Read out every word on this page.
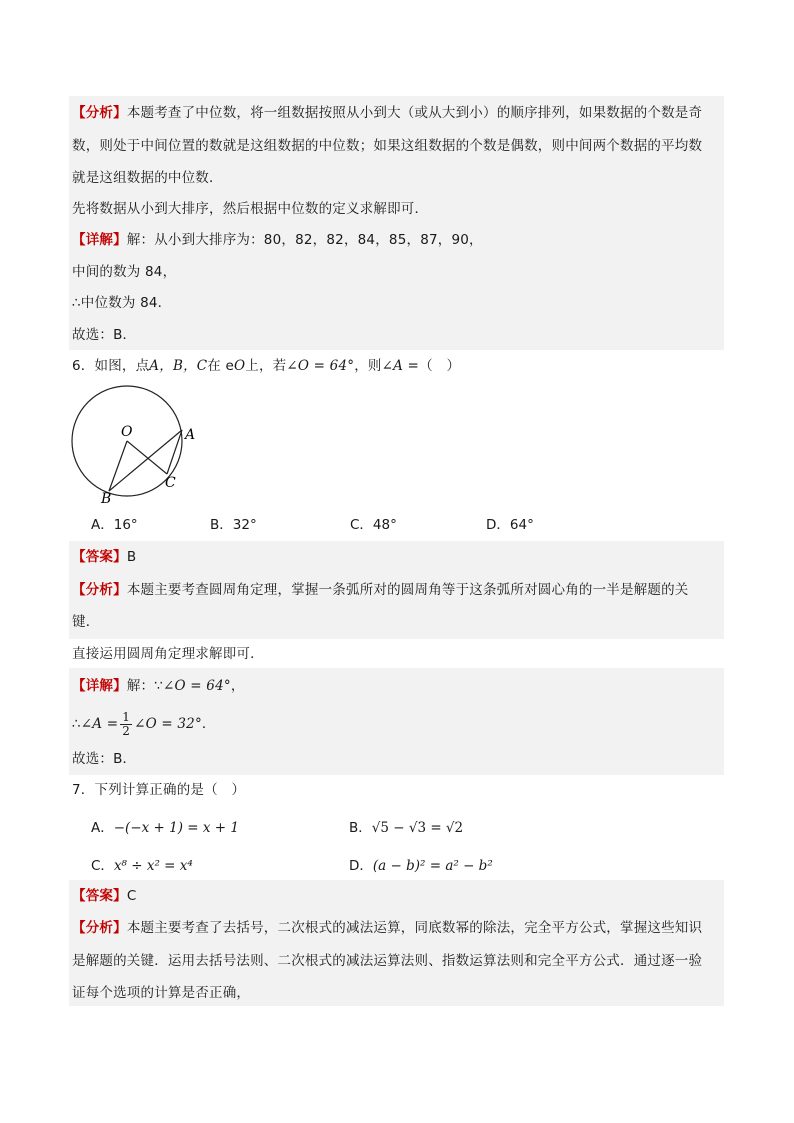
【分析】本题考查了中位数，将一组数据按照从小到大（或从大到小）的顺序排列，如果数据的个数是奇
数，则处于中间位置的数就是这组数据的中位数；如果这组数据的个数是偶数，则中间两个数据的平均数
就是这组数据的中位数．
先将数据从小到大排序，然后根据中位数的定义求解即可．
【详解】解：从小到大排序为：80，82，82，84，85，87，90，
中间的数为 84，
∴中位数为 84．
故选：B．
6．如图，点A，B，C在 eO上，若∠O = 64°，则∠A =（　）
O	A
B
C
A．16°	B．32°	C．48°	D．64°
【答案】B
【分析】本题主要考查圆周角定理，掌握一条弧所对的圆周角等于这条弧所对圆心角的一半是解题的关
键．
直接运用圆周角定理求解即可．
【详解】解：∵∠O = 64°，
∴∠A = $\frac{1}{2}$ ∠O = 32°．
故选：B．
7．下列计算正确的是（　）
A．−(−x + 1) = x + 1	B．√5 − √3 = √2
C．x⁸ ÷ x² = x⁴	D．(a − b)² = a² − b²
【答案】C
【分析】本题主要考查了去括号，二次根式的减法运算，同底数幂的除法，完全平方公式，掌握这些知识
是解题的关键．运用去括号法则、二次根式的减法运算法则、指数运算法则和完全平方公式．通过逐一验
证每个选项的计算是否正确，
